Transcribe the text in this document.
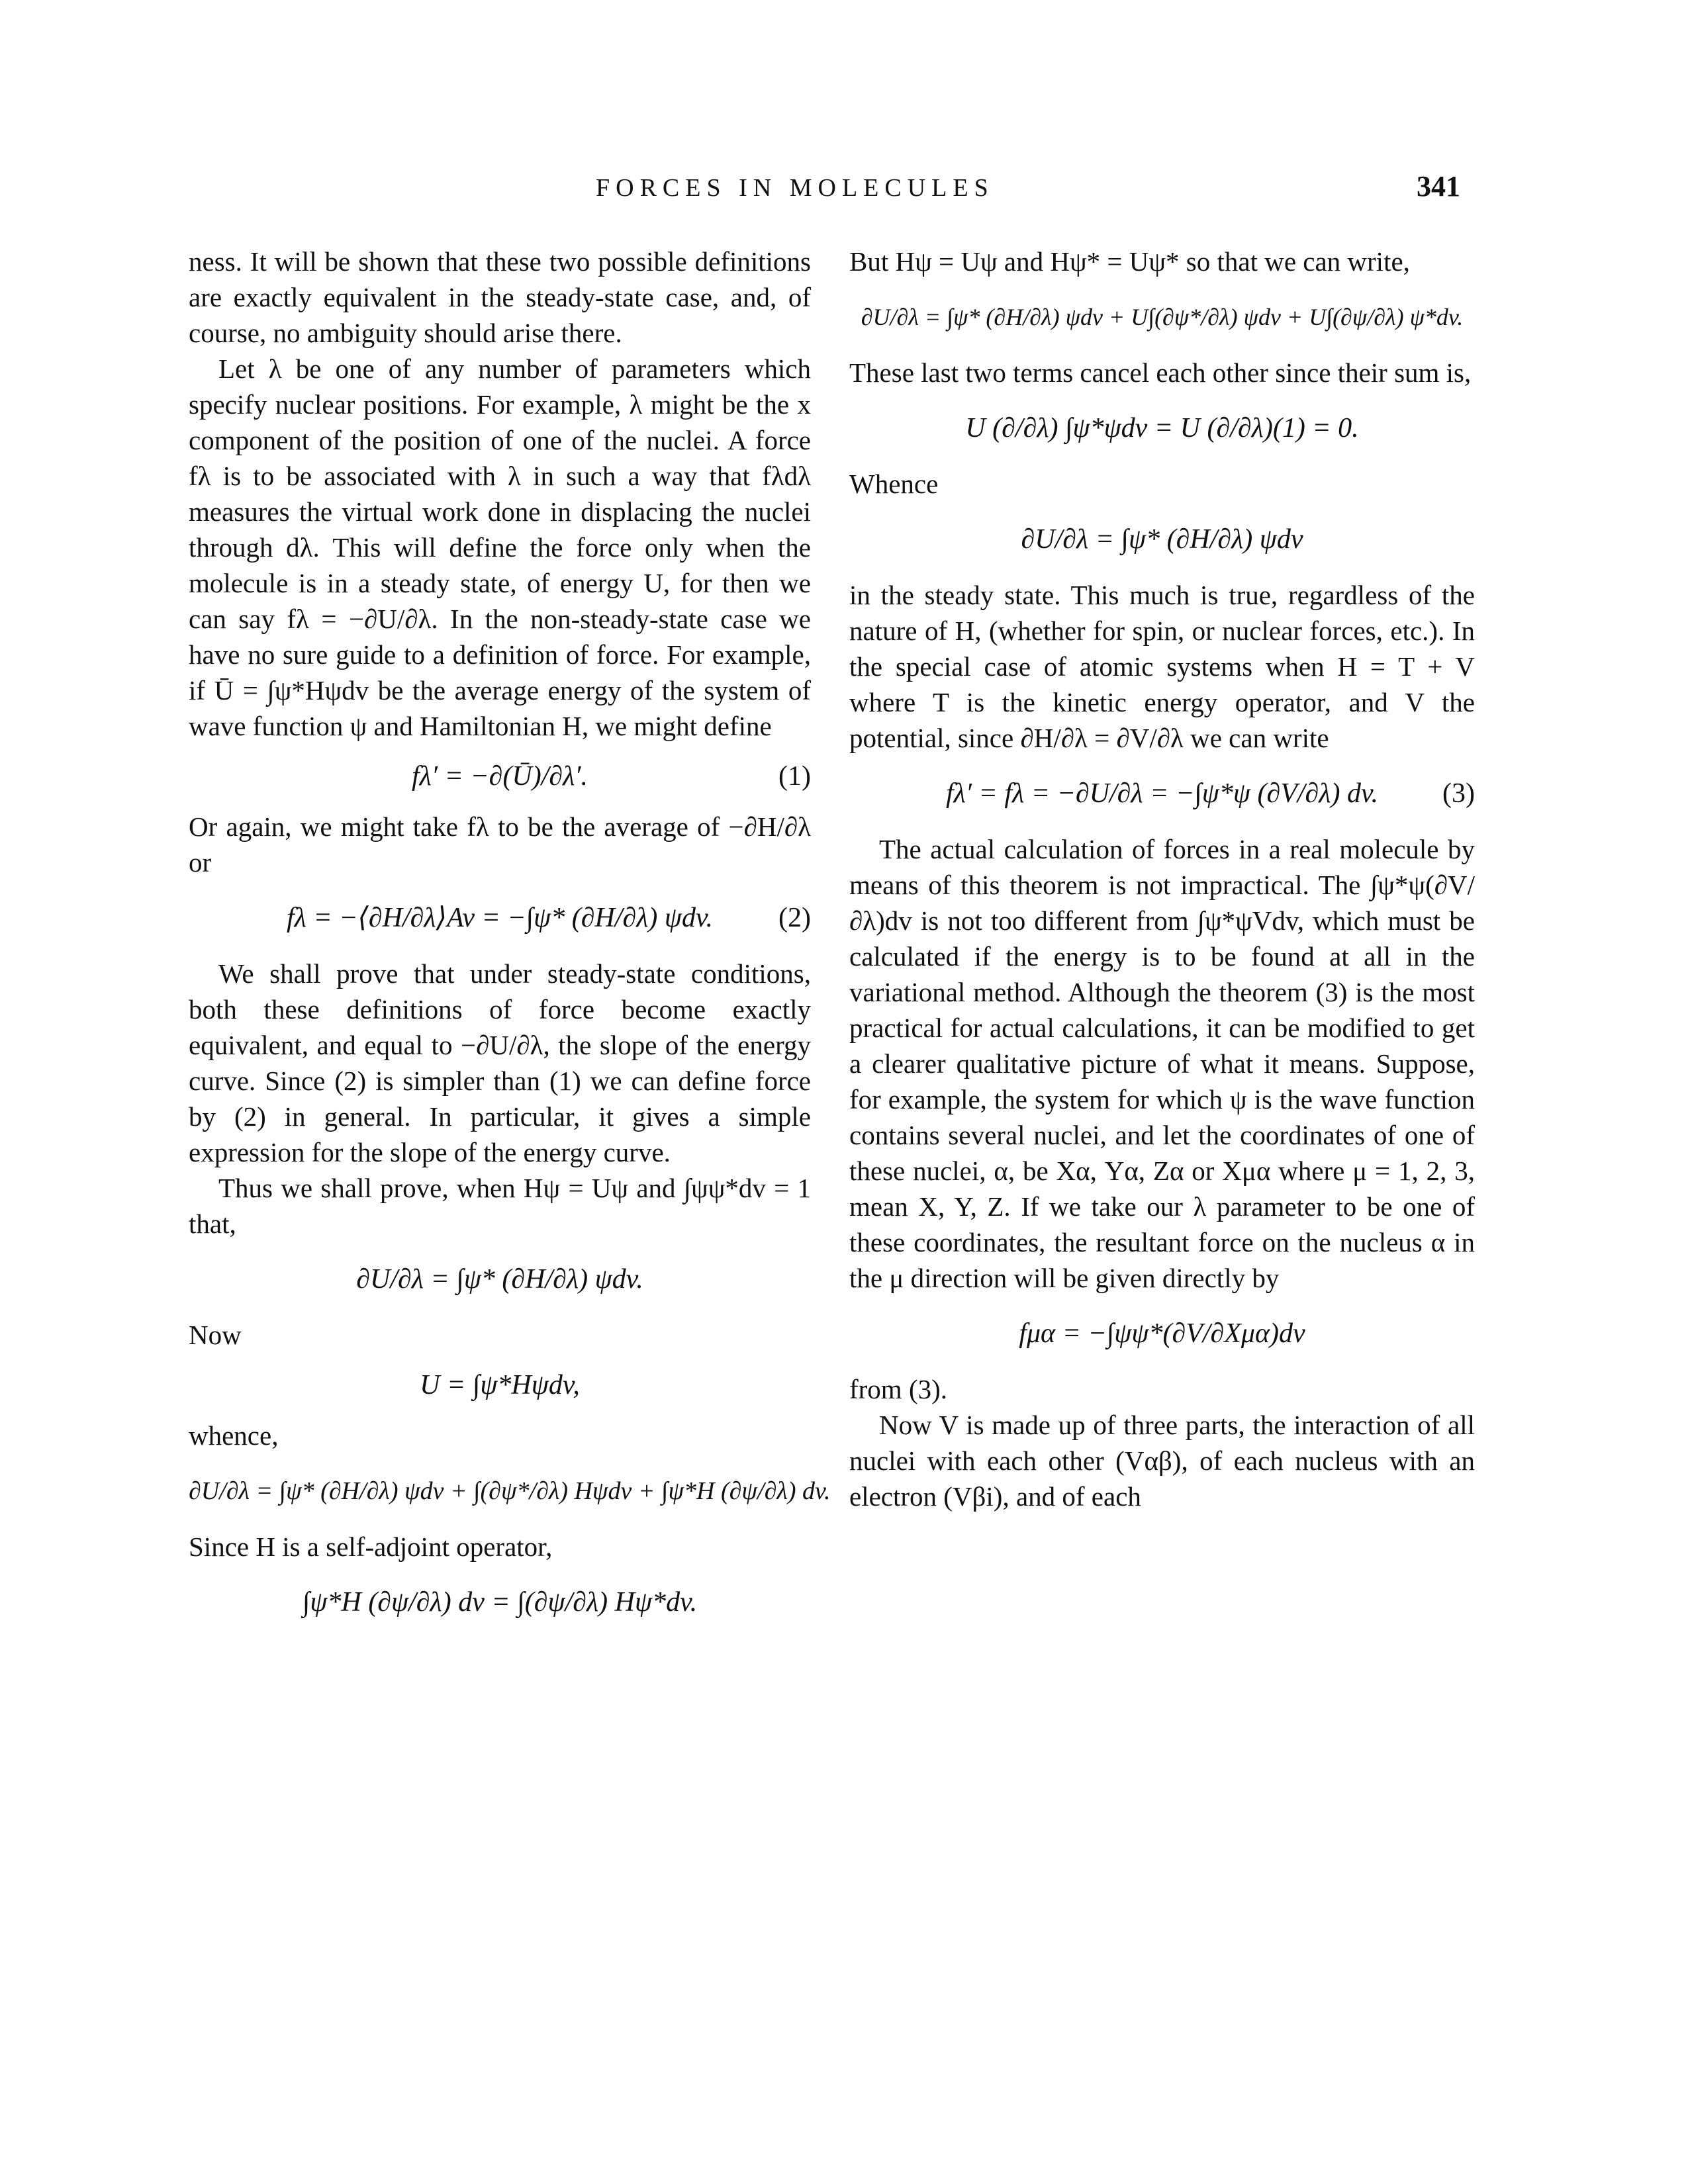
FORCES IN MOLECULES	341

ness. It will be shown that these two possible definitions are exactly equivalent in the steady-state case, and, of course, no ambiguity should arise there.

Let λ be one of any number of parameters which specify nuclear positions. For example, λ might be the x component of the position of one of the nuclei. A force fλ is to be associated with λ in such a way that fλdλ measures the virtual work done in displacing the nuclei through dλ. This will define the force only when the molecule is in a steady state, of energy U, for then we can say fλ = −∂U/∂λ. In the non-steady-state case we have no sure guide to a definition of force. For example, if Ū = ∫ψ*Hψdv be the average energy of the system of wave function ψ and Hamiltonian H, we might define

fλ′ = −∂(Ū)/∂λ′.	(1)

Or again, we might take fλ to be the average of −∂H/∂λ or

fλ = −⟨∂H/∂λ⟩Av = −∫ψ* (∂H/∂λ) ψdv. (2)

We shall prove that under steady-state conditions, both these definitions of force become exactly equivalent, and equal to −∂U/∂λ, the slope of the energy curve. Since (2) is simpler than (1) we can define force by (2) in general. In particular, it gives a simple expression for the slope of the energy curve.

Thus we shall prove, when Hψ = Uψ and ∫ψψ*dv = 1 that,

∂U/∂λ = ∫ψ* (∂H/∂λ) ψdv.

Now

U = ∫ψ*Hψdv,

whence,

∂U/∂λ = ∫ψ* (∂H/∂λ) ψdv + ∫(∂ψ*/∂λ) Hψdv + ∫ψ*H (∂ψ/∂λ) dv.

Since H is a self-adjoint operator,

∫ψ*H (∂ψ/∂λ) dv = ∫(∂ψ/∂λ) Hψ*dv.

But Hψ = Uψ and Hψ* = Uψ* so that we can write,

∂U/∂λ = ∫ψ* (∂H/∂λ) ψdv + U∫(∂ψ*/∂λ) ψdv + U∫(∂ψ/∂λ) ψ*dv.

These last two terms cancel each other since their sum is,

U (∂/∂λ) ∫ψ*ψdv = U (∂/∂λ)(1) = 0.

Whence

∂U/∂λ = ∫ψ* (∂H/∂λ) ψdv

in the steady state. This much is true, regardless of the nature of H, (whether for spin, or nuclear forces, etc.). In the special case of atomic systems when H = T + V where T is the kinetic energy operator, and V the potential, since ∂H/∂λ = ∂V/∂λ we can write

fλ′ = fλ = −∂U/∂λ = −∫ψ*ψ (∂V/∂λ) dv. (3)

The actual calculation of forces in a real molecule by means of this theorem is not impractical. The ∫ψ*ψ(∂V/∂λ)dv is not too different from ∫ψ*ψVdv, which must be calculated if the energy is to be found at all in the variational method. Although the theorem (3) is the most practical for actual calculations, it can be modified to get a clearer qualitative picture of what it means. Suppose, for example, the system for which ψ is the wave function contains several nuclei, and let the coordinates of one of these nuclei, α, be Xα, Yα, Zα or Xμα where μ = 1, 2, 3, mean X, Y, Z. If we take our λ parameter to be one of these coordinates, the resultant force on the nucleus α in the μ direction will be given directly by

fμα = −∫ψψ*(∂V/∂Xμα)dv

from (3).

Now V is made up of three parts, the interaction of all nuclei with each other (Vαβ), of each nucleus with an electron (Vβi), and of each
